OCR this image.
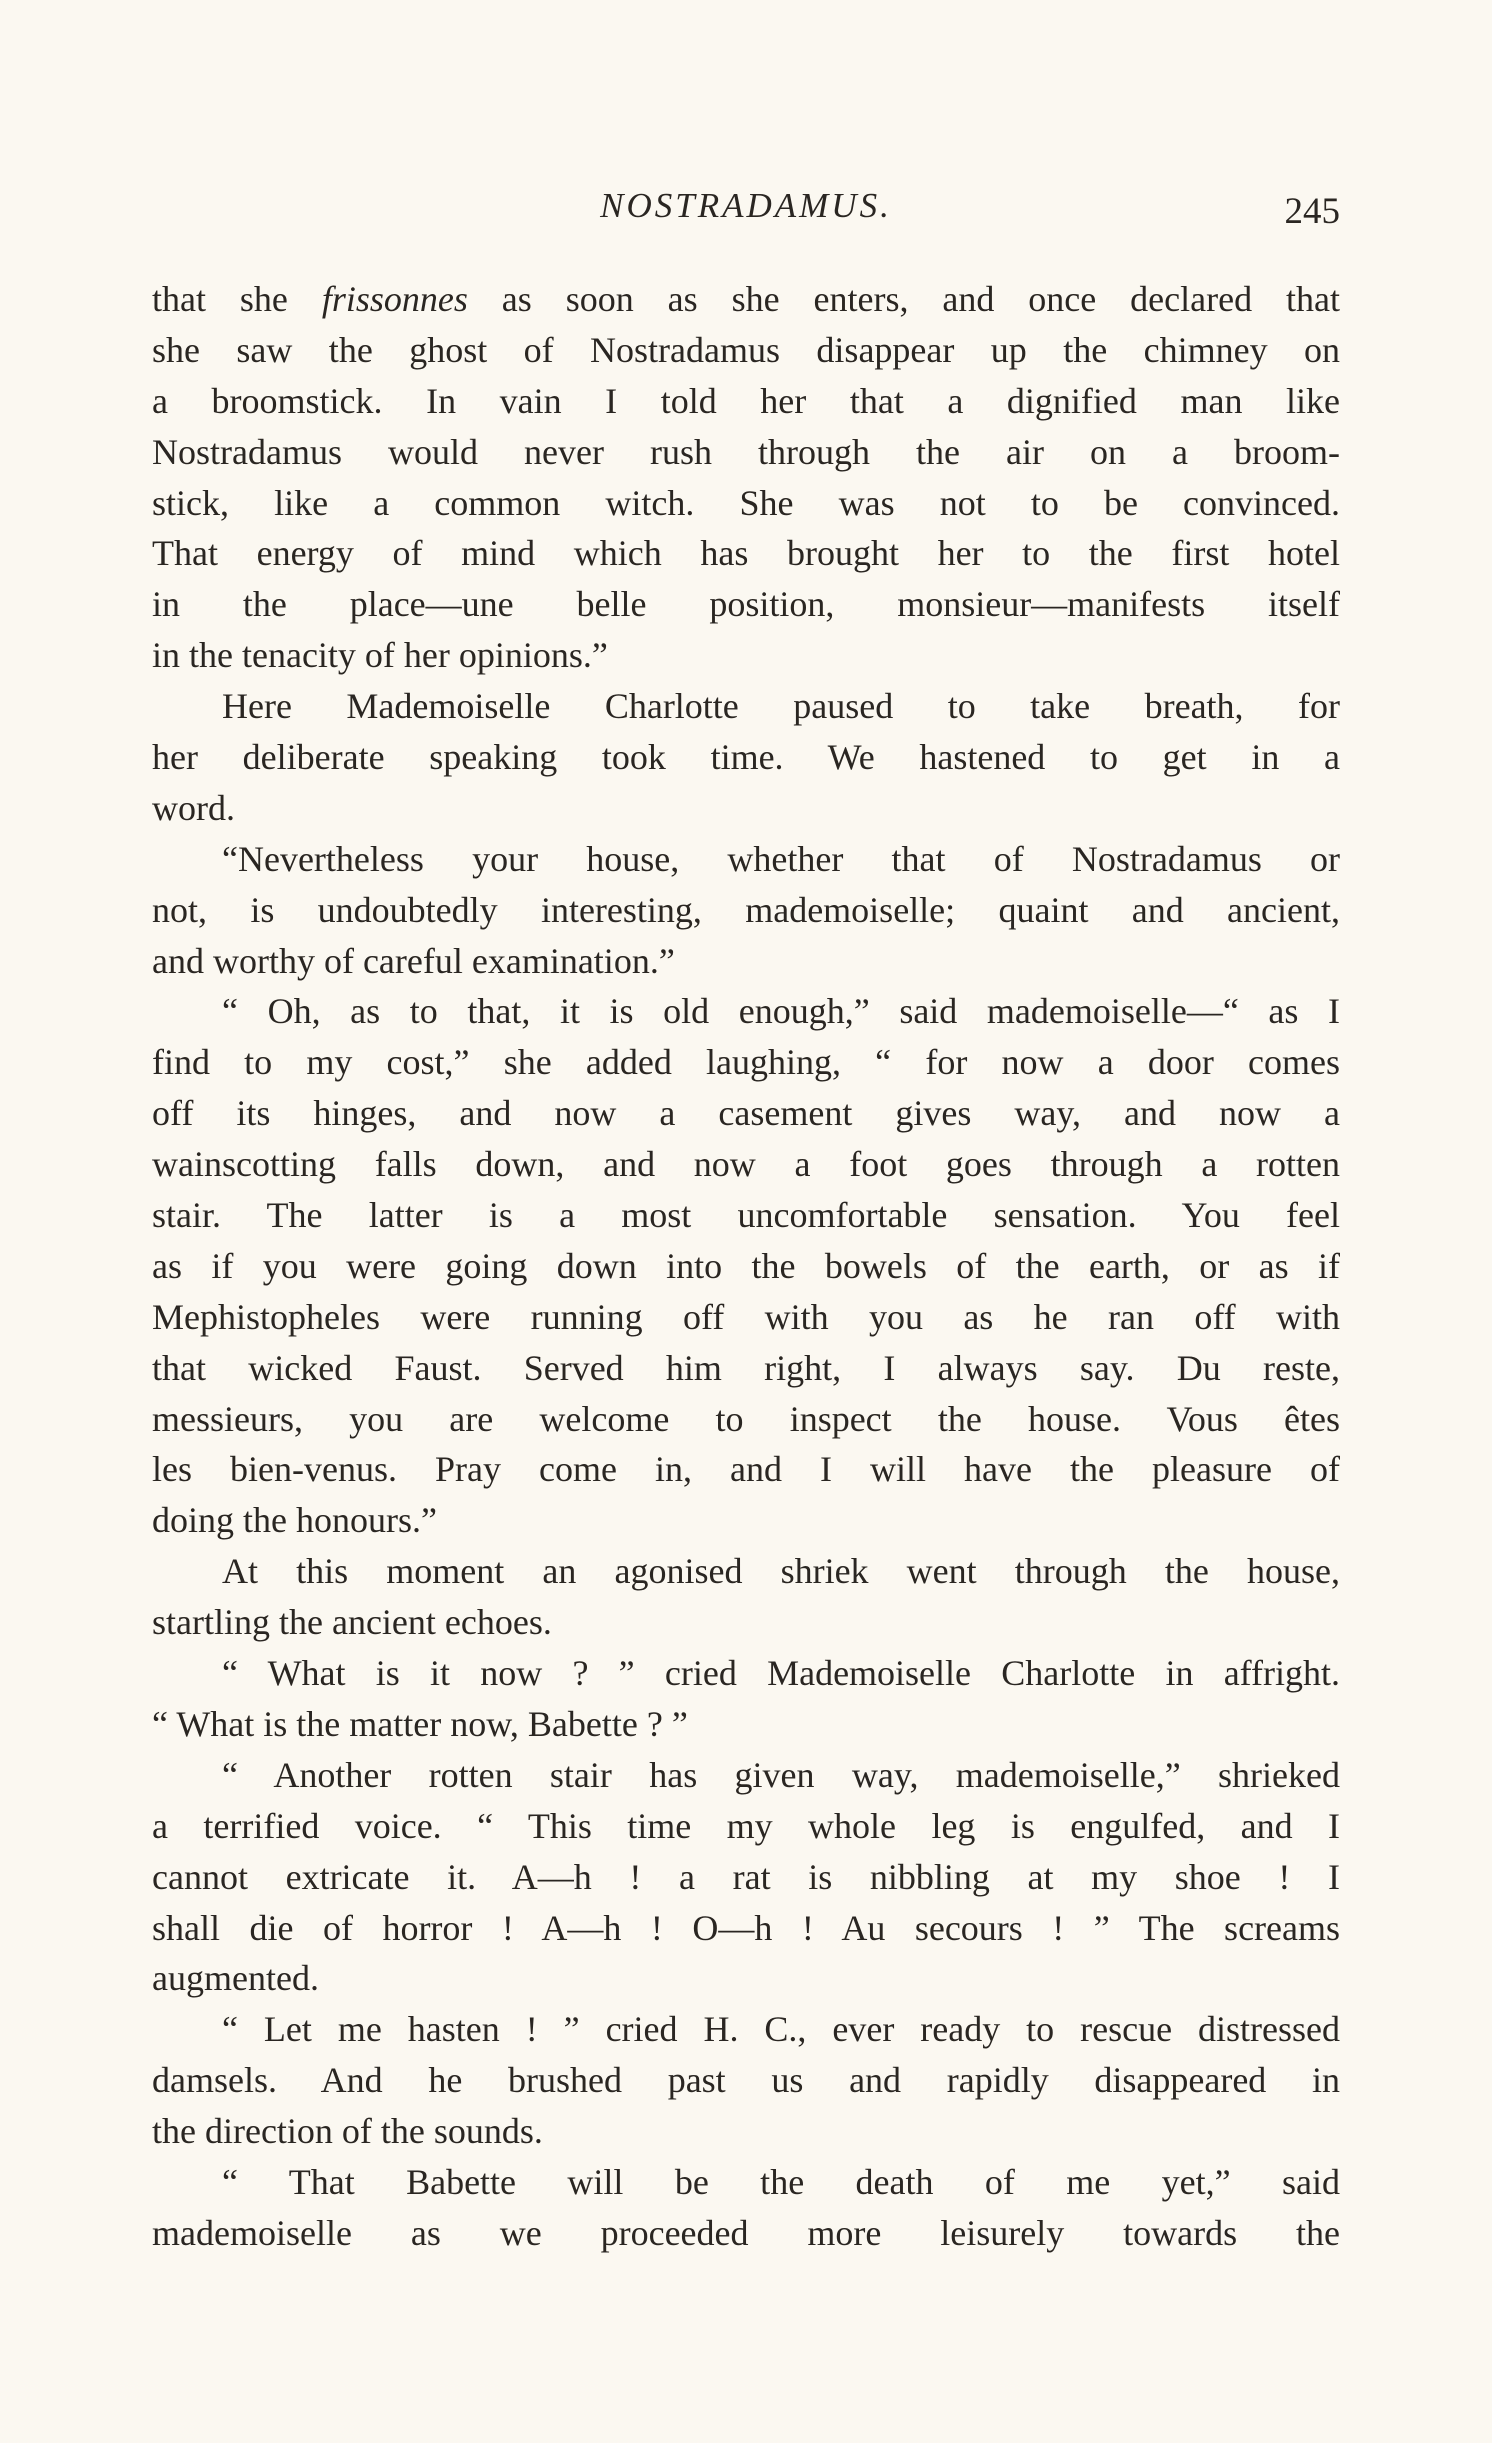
NOSTRADAMUS.	245
that she frissonnes as soon as she enters, and once declared that
she saw the ghost of Nostradamus disappear up the chimney on
a broomstick. In vain I told her that a dignified man like
Nostradamus would never rush through the air on a broom-
stick, like a common witch. She was not to be convinced.
That energy of mind which has brought her to the first hotel
in the place—une belle position, monsieur—manifests itself
in the tenacity of her opinions.”
Here Mademoiselle Charlotte paused to take breath, for
her deliberate speaking took time. We hastened to get in a
word.
“Nevertheless your house, whether that of Nostradamus or
not, is undoubtedly interesting, mademoiselle; quaint and ancient,
and worthy of careful examination.”
“ Oh, as to that, it is old enough,” said mademoiselle—“ as I
find to my cost,” she added laughing, “ for now a door comes
off its hinges, and now a casement gives way, and now a
wainscotting falls down, and now a foot goes through a rotten
stair. The latter is a most uncomfortable sensation. You feel
as if you were going down into the bowels of the earth, or as if
Mephistopheles were running off with you as he ran off with
that wicked Faust. Served him right, I always say. Du reste,
messieurs, you are welcome to inspect the house. Vous êtes
les bien-venus. Pray come in, and I will have the pleasure of
doing the honours.”
At this moment an agonised shriek went through the house,
startling the ancient echoes.
“ What is it now ? ” cried Mademoiselle Charlotte in affright.
“ What is the matter now, Babette ? ”
“ Another rotten stair has given way, mademoiselle,” shrieked
a terrified voice. “ This time my whole leg is engulfed, and I
cannot extricate it. A—h ! a rat is nibbling at my shoe ! I
shall die of horror ! A—h ! O—h ! Au secours ! ” The screams
augmented.
“ Let me hasten ! ” cried H. C., ever ready to rescue distressed
damsels. And he brushed past us and rapidly disappeared in
the direction of the sounds.
“ That Babette will be the death of me yet,” said
mademoiselle as we proceeded more leisurely towards the
